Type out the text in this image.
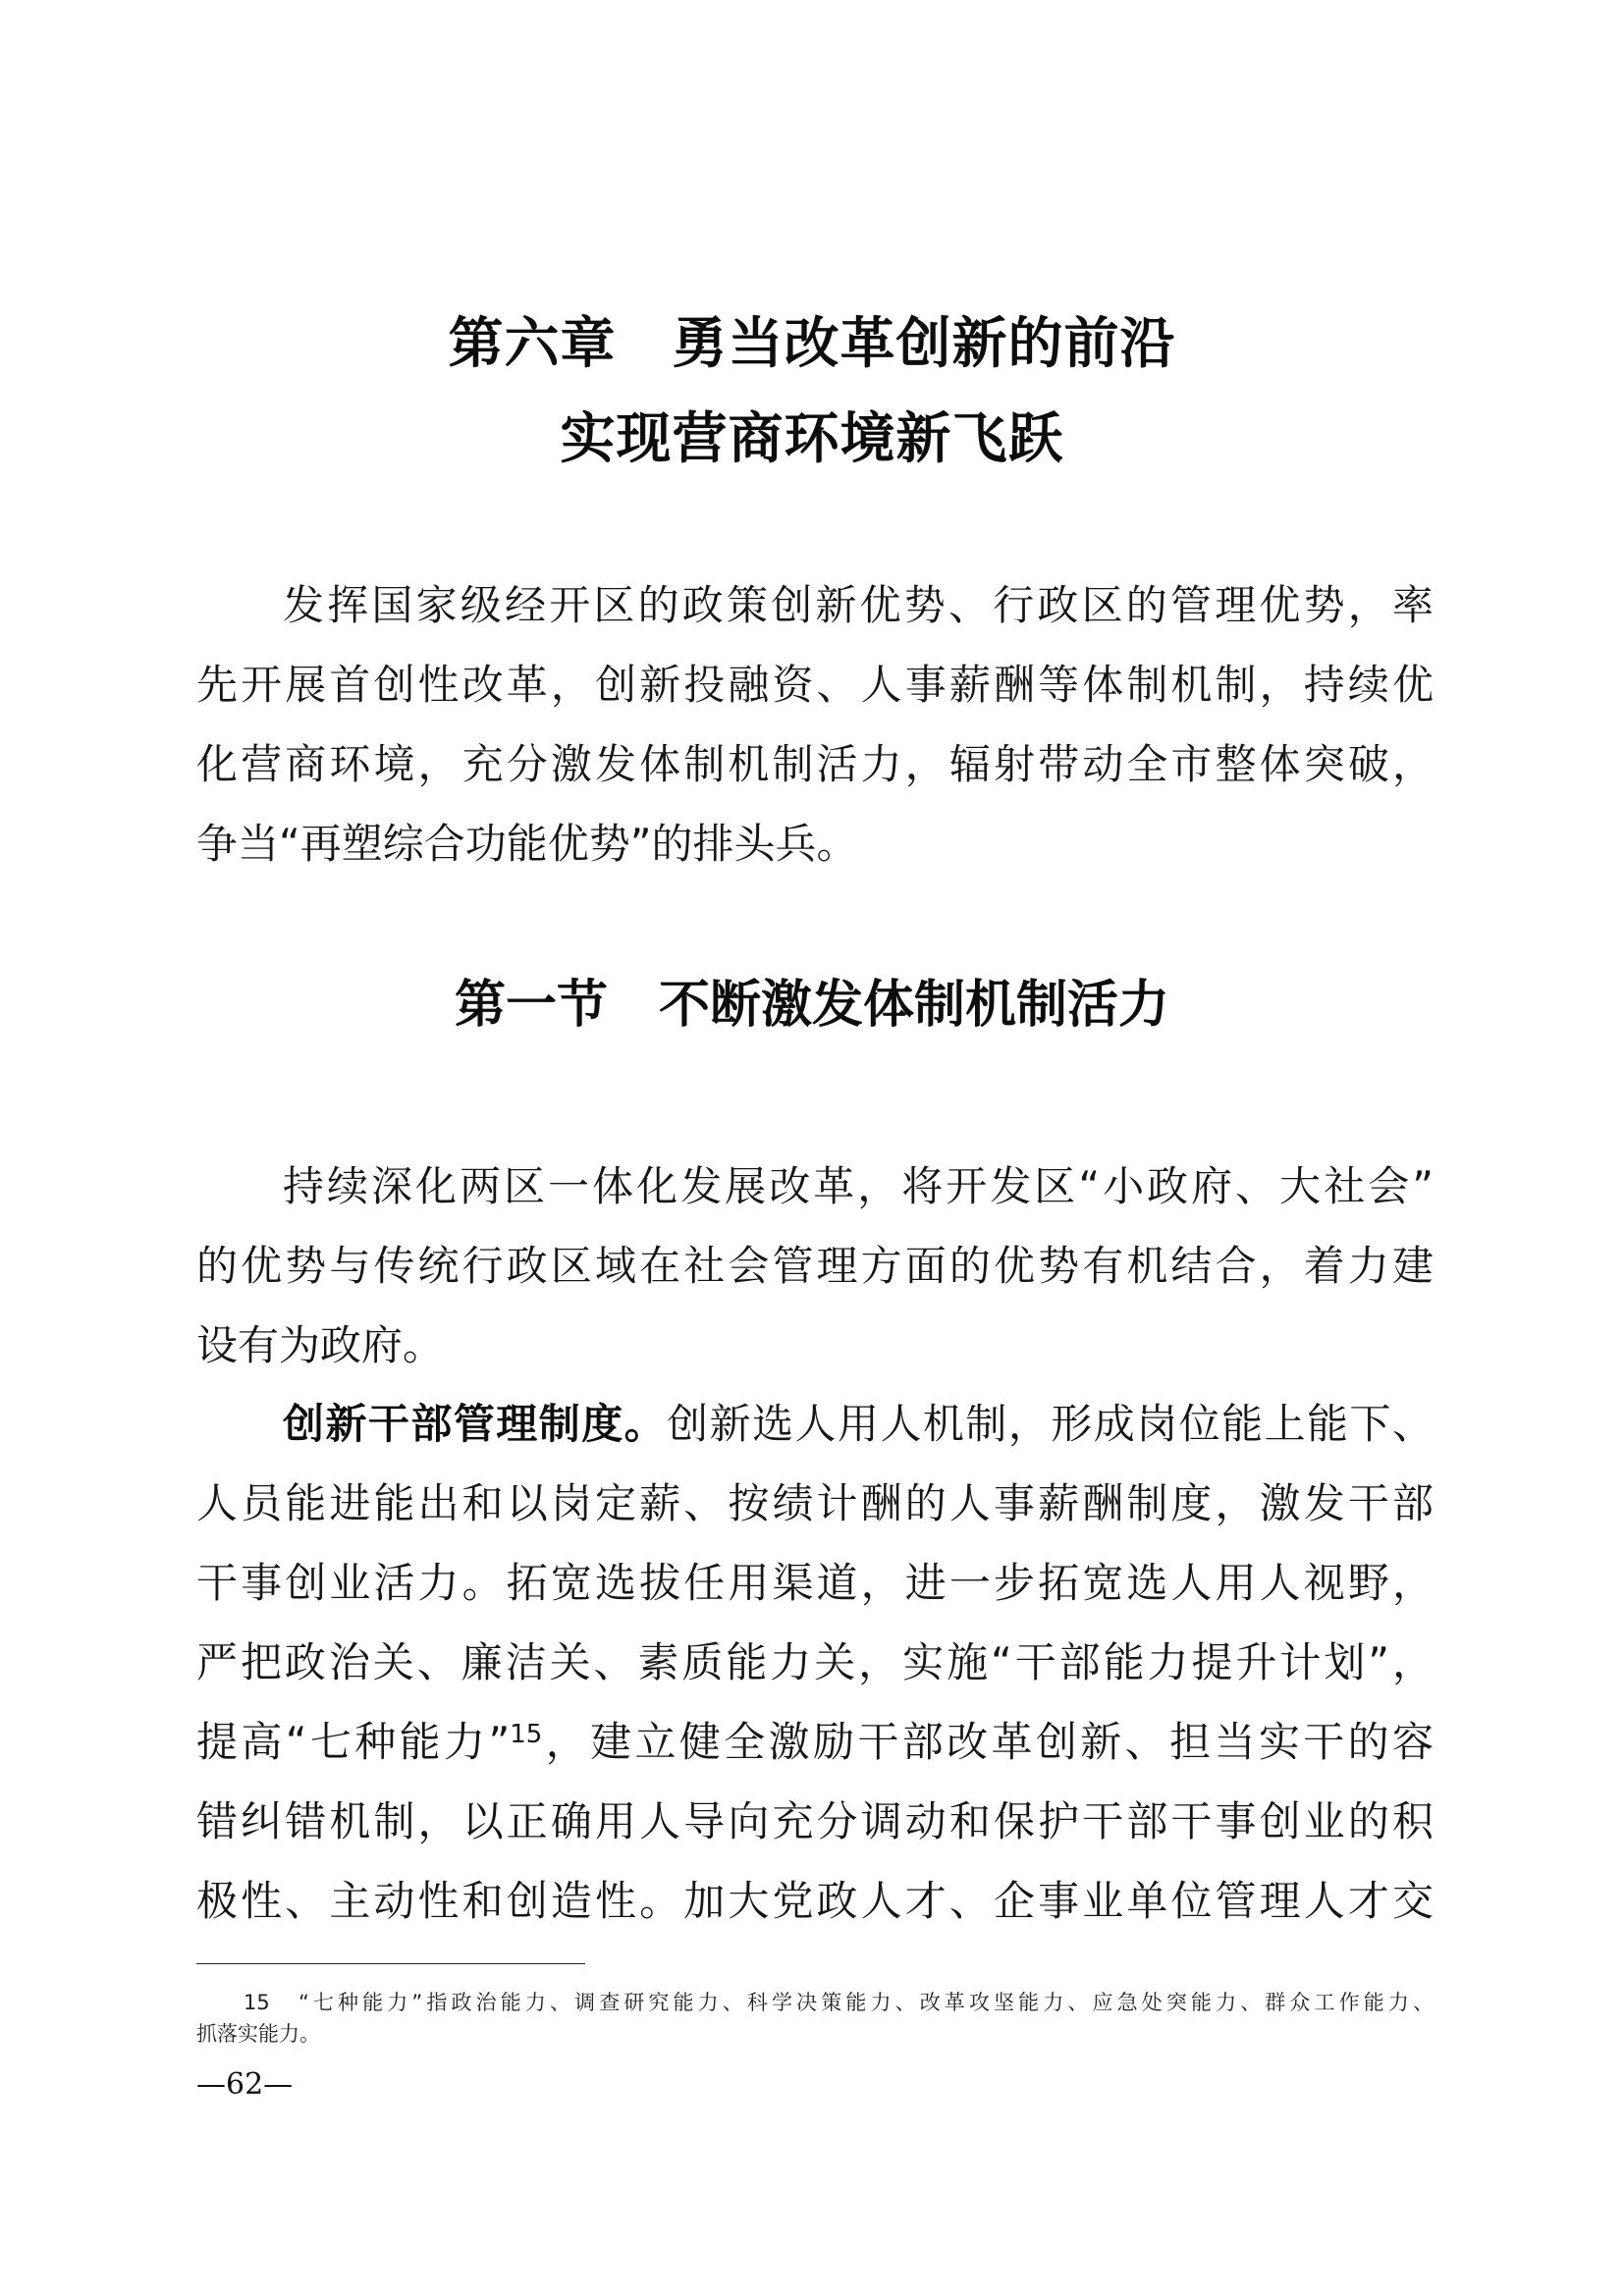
第六章　勇当改革创新的前沿
实现营商环境新飞跃
发挥国家级经开区的政策创新优势、行政区的管理优势，率
先开展首创性改革，创新投融资、人事薪酬等体制机制，持续优
化营商环境，充分激发体制机制活力，辐射带动全市整体突破，
争当“再塑综合功能优势”的排头兵。
第一节　不断激发体制机制活力
持续深化两区一体化发展改革，将开发区“小政府、大社会”
的优势与传统行政区域在社会管理方面的优势有机结合，着力建
设有为政府。
创新干部管理制度。创新选人用人机制，形成岗位能上能下、
人员能进能出和以岗定薪、按绩计酬的人事薪酬制度，激发干部
干事创业活力。拓宽选拔任用渠道，进一步拓宽选人用人视野，
严把政治关、廉洁关、素质能力关，实施“干部能力提升计划”，
提高“七种能力”$^{15}$，建立健全激励干部改革创新、担当实干的容
错纠错机制，以正确用人导向充分调动和保护干部干事创业的积
极性、主动性和创造性。加大党政人才、企事业单位管理人才交
15　“七种能力”指政治能力、调查研究能力、科学决策能力、改革攻坚能力、应急处突能力、群众工作能力、
抓落实能力。
—62—
